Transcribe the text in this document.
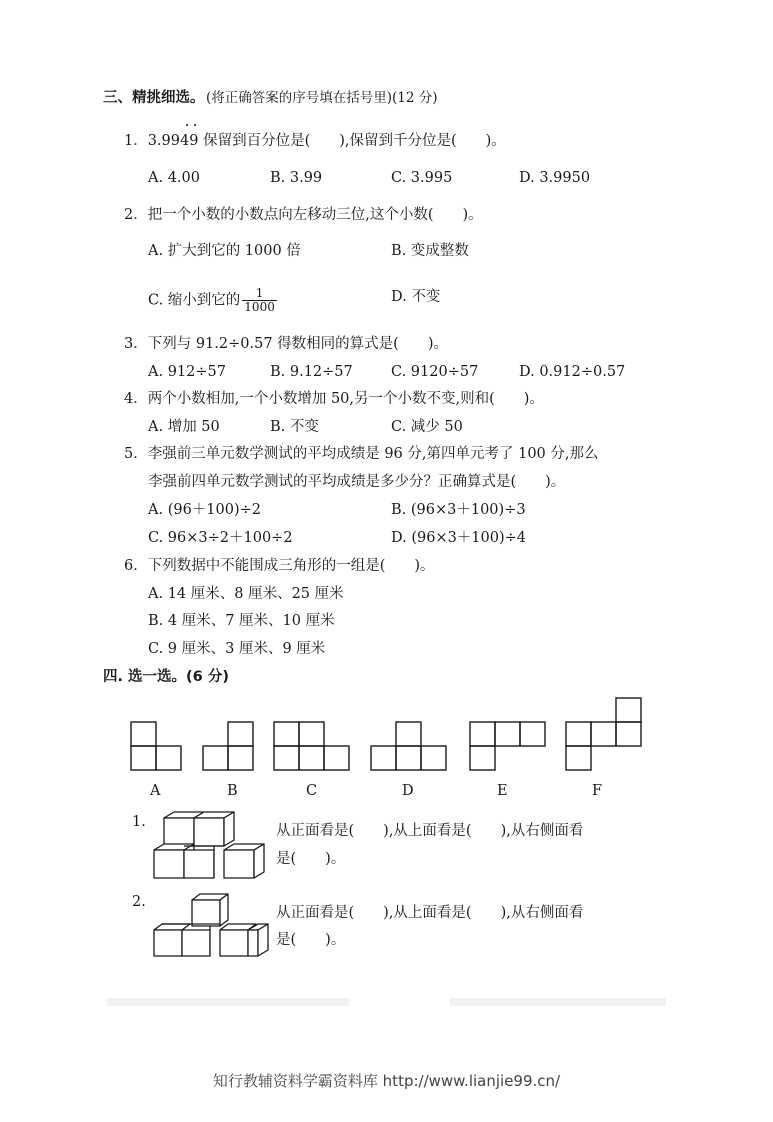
三、精挑细选。 (将正确答案的序号填在括号里)(12 分)
1．3.9949 保留到百分位是(　　),保留到千分位是(　　)。
A. 4.00	B. 3.99	C. 3.995	D. 3.9950
2．把一个小数的小数点向左移动三位,这个小数(　　)。
A. 扩大到它的 1000 倍	B. 变成整数
C. 缩小到它的 $\frac{1}{1000}$	D. 不变
3．下列与 91.2÷0.57 得数相同的算式是(　　)。
A. 912÷57	B. 9.12÷57	C. 9120÷57	D. 0.912÷0.57
4．两个小数相加,一个小数增加 50,另一个小数不变,则和(　　)。
A. 增加 50	B. 不变	C. 减少 50
5．李强前三单元数学测试的平均成绩是 96 分,第四单元考了 100 分,那么
李强前四单元数学测试的平均成绩是多少分？正确算式是(　　)。
A. (96＋100)÷2	B. (96×3＋100)÷3
C. 96×3÷2＋100÷2	D. (96×3＋100)÷4
6．下列数据中不能围成三角形的一组是(　　)。
A. 14 厘米、8 厘米、25 厘米
B. 4 厘米、7 厘米、10 厘米
C. 9 厘米、3 厘米、9 厘米
四. 选一选。(6 分)
A	B	C	D	E	F
1.
从正面看是(　　),从上面看是(　　),从右侧面看
是(　　)。
2.
从正面看是(　　),从上面看是(　　),从右侧面看
是(　　)。
知行教辅资料学霸资料库 http://www.lianjie99.cn/
